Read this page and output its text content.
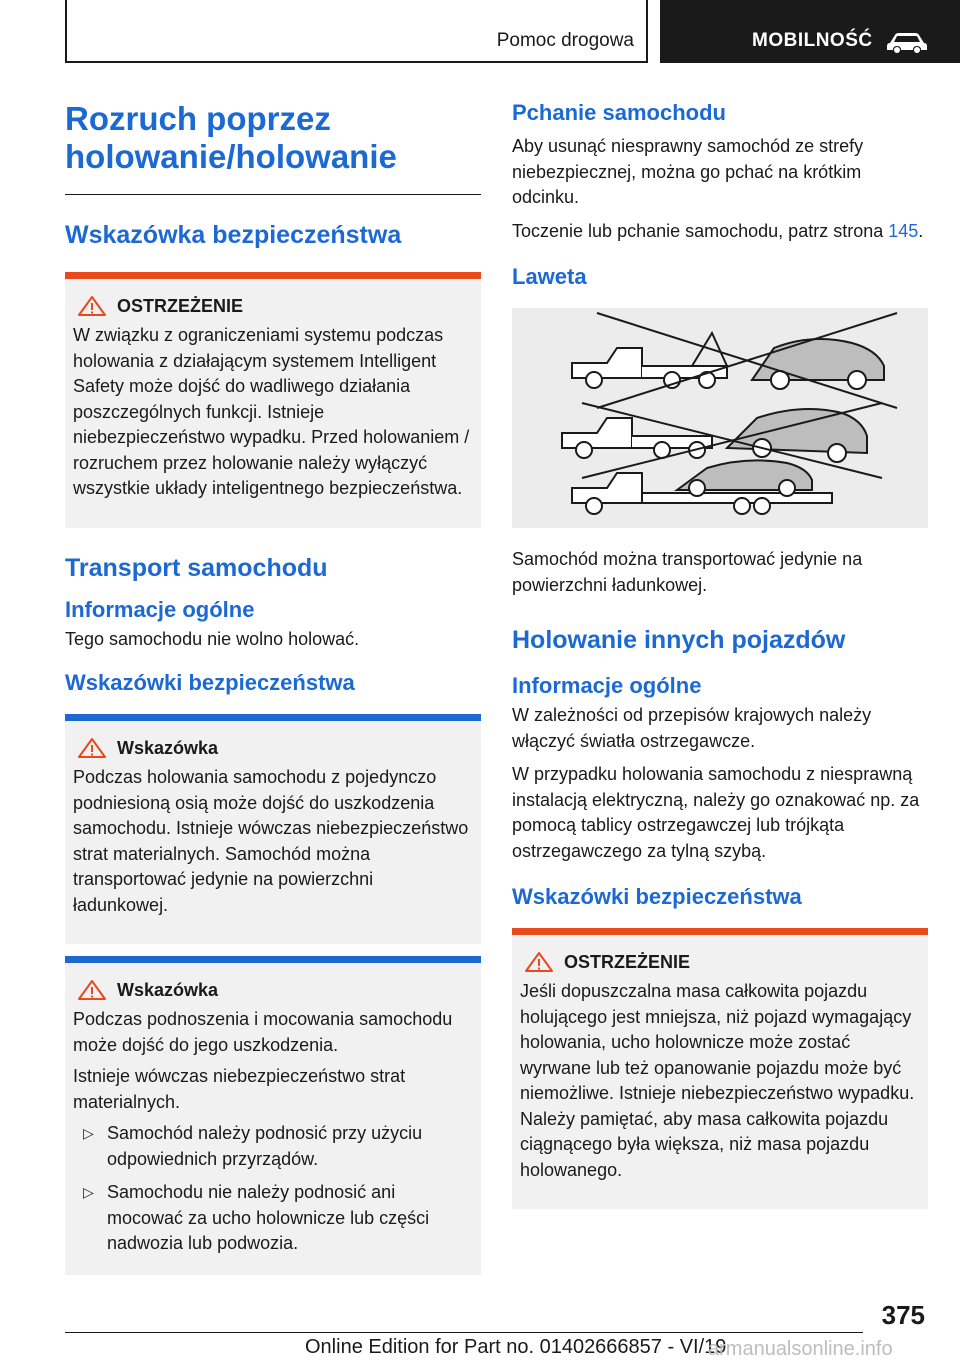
Pomoc drogowa	MOBILNOŚĆ
Rozruch poprzez holowanie/holowanie
Wskazówka bezpieczeństwa
OSTRZEŻENIE

W związku z ograniczeniami systemu podczas holowania z działającym systemem Intelligent Safety może dojść do wadliwego działania poszczególnych funkcji. Istnieje niebezpieczeństwo wypadku. Przed holowaniem / rozruchem przez holowanie należy wyłączyć wszystkie układy inteligentnego bezpieczeństwa.

Transport samochodu
Informacje ogólne

Tego samochodu nie wolno holować.

Wskazówki bezpieczeństwa
Wskazówka

Podczas holowania samochodu z pojedynczo podniesioną osią może dojść do uszkodzenia samochodu. Istnieje wówczas niebezpieczeństwo strat materialnych. Samochód można transportować jedynie na powierzchni ładunkowej.

Wskazówka

Podczas podnoszenia i mocowania samochodu może dojść do jego uszkodzenia.

Istnieje wówczas niebezpieczeństwo strat materialnych.

▷ Samochód należy podnosić przy użyciu odpowiednich przyrządów.
▷ Samochodu nie należy podnosić ani mocować za ucho holownicze lub części nadwozia lub podwozia.
Pchanie samochodu

Aby usunąć niesprawny samochód ze strefy niebezpiecznej, można go pchać na krótkim odcinku.

Toczenie lub pchanie samochodu, patrz strona 145.

Laweta

Samochód można transportować jedynie na powierzchni ładunkowej.

Holowanie innych pojazdów
Informacje ogólne

W zależności od przepisów krajowych należy włączyć światła ostrzegawcze.

W przypadku holowania samochodu z niesprawną instalacją elektryczną, należy go oznakować np. za pomocą tablicy ostrzegawczej lub trójkąta ostrzegawczego za tylną szybą.

Wskazówki bezpieczeństwa
OSTRZEŻENIE

Jeśli dopuszczalna masa całkowita pojazdu holującego jest mniejsza, niż pojazd wymagający holowania, ucho holownicze może zostać wyrwane lub też opanowanie pojazdu może być niemożliwe. Istnieje niebezpieczeństwo wypadku. Należy pamiętać, aby masa całkowita pojazdu ciągnącego była większa, niż masa pojazdu holowanego.

375
Online Edition for Part no. 01402666857 - VI/19
armanualsonline.info
